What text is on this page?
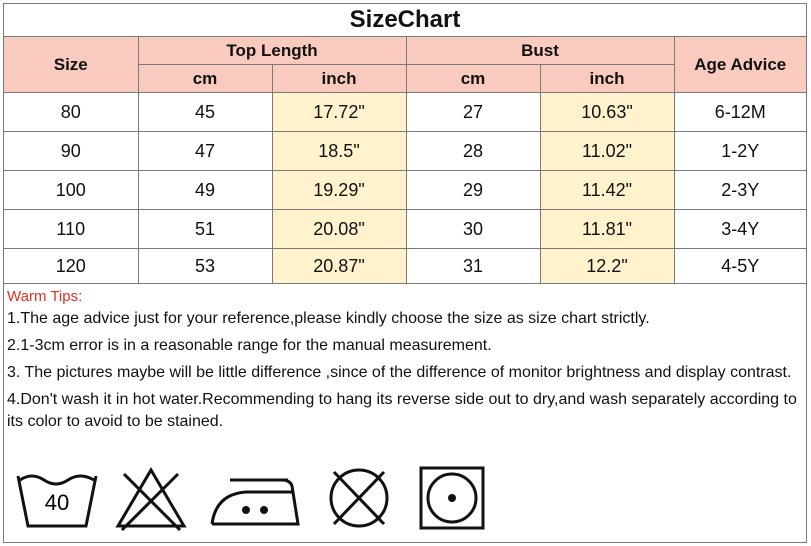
SizeChart
Size	Top Length		Bust		Age Advice
	cm	inch	cm	inch	
80	45	17.72"	27	10.63"	6-12M
90	47	18.5"	28	11.02"	1-2Y
100	49	19.29"	29	11.42"	2-3Y
110	51	20.08"	30	11.81"	3-4Y
120	53	20.87"	31	12.2"	4-5Y

Warm Tips:

1.The age advice just for your reference,please kindly choose the size as size chart strictly.

2.1-3cm error is in a reasonable range for the manual measurement.

3. The pictures maybe will be little difference ,since of the difference of monitor brightness and display contrast.

4.Don't wash it in hot water.Recommending to hang its reverse side out to dry,and wash separately according to its color to avoid to be stained.

40
